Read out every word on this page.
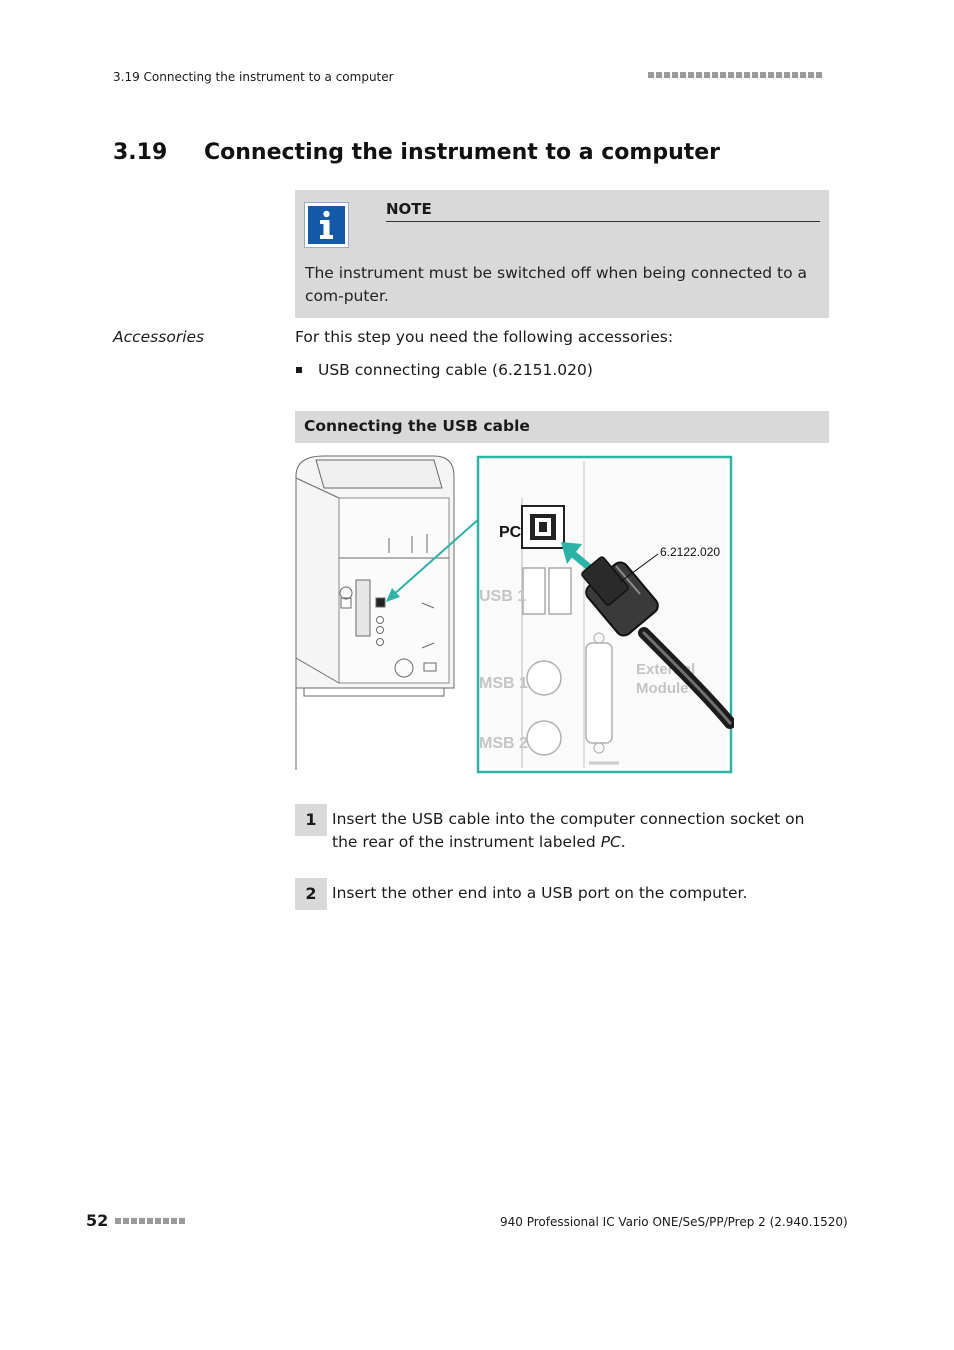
3.19 Connecting the instrument to a computer
3.19 Connecting the instrument to a computer
NOTE
The instrument must be switched off when being connected to a com-puter.
Accessories	For this step you need the following accessories:
USB connecting cable (6.2151.020)
Connecting the USB cable
PC
USB 1
MSB 1
MSB 2
External
Module
6.2122.020
1 Insert the USB cable into the computer connection socket on the rear of the instrument labeled PC.
2 Insert the other end into a USB port on the computer.
52	940 Professional IC Vario ONE/SeS/PP/Prep 2 (2.940.1520)
